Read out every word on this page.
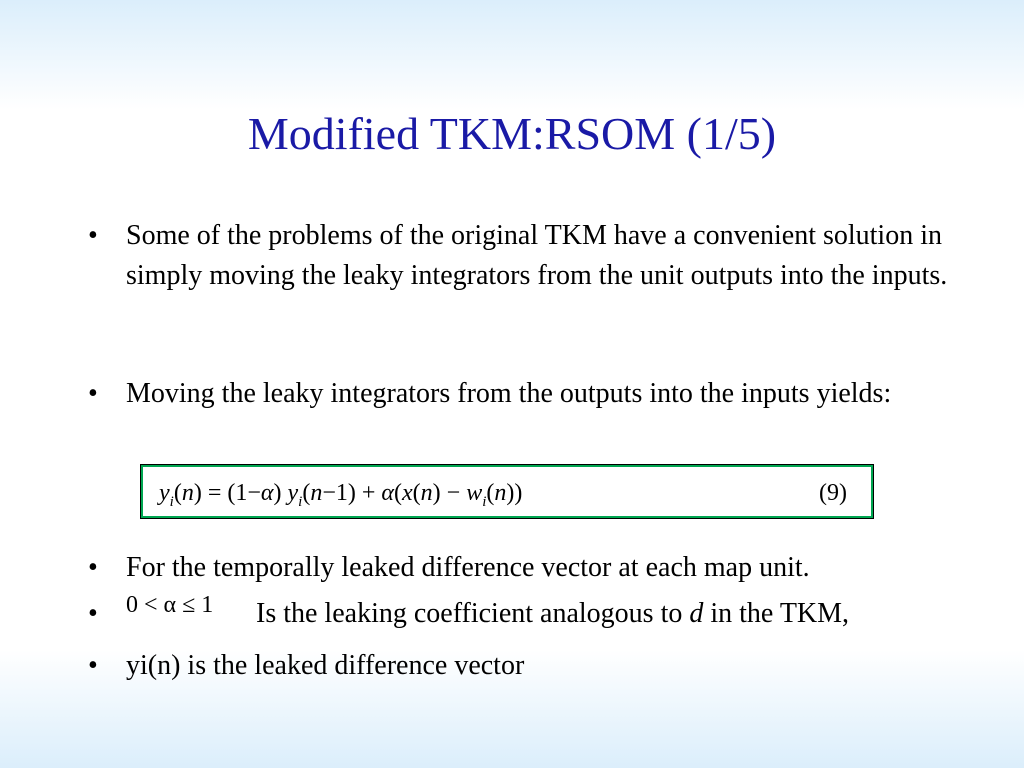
Modified TKM:RSOM (1/5)
•	Some of the problems of the original TKM have a convenient solution in simply moving the leaky integrators from the unit outputs into the inputs.
•	Moving the leaky integrators from the outputs into the inputs yields:
$y_i(n) = (1-\alpha) y_i(n-1) + \alpha(x(n) - w_i(n))$	(9)
•	For the temporally leaked difference vector at each map unit.
•	0 < α ≤ 1 Is the leaking coefficient analogous to d in the TKM,
•	yi(n) is the leaked difference vector
